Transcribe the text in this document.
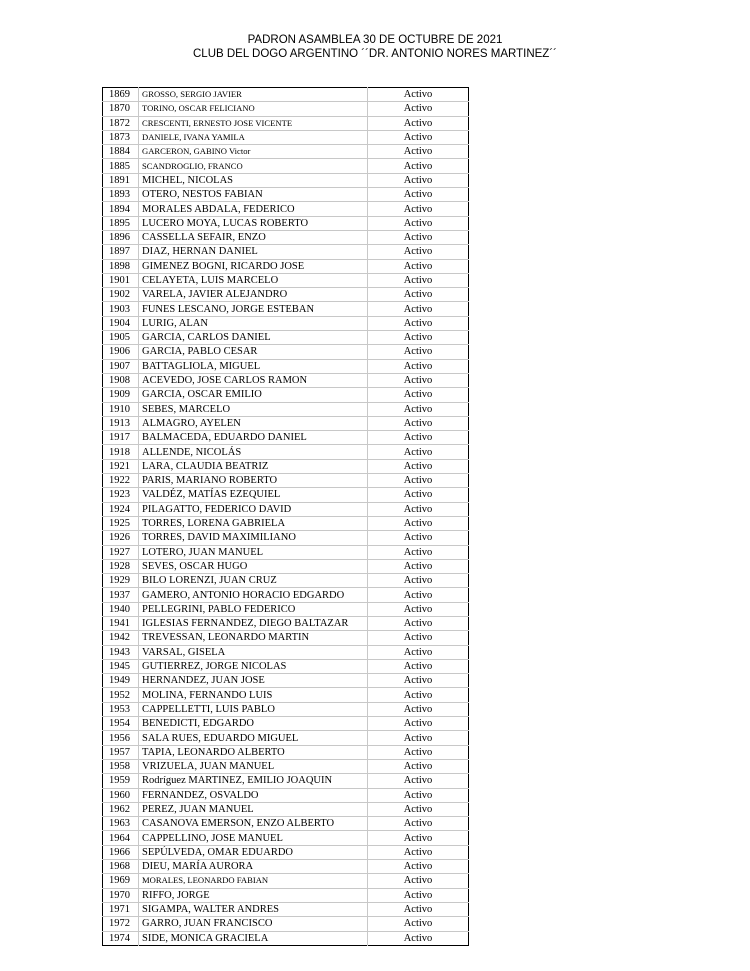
PADRON ASAMBLEA 30 DE OCTUBRE DE 2021
CLUB DEL DOGO ARGENTINO ´´DR. ANTONIO NORES MARTINEZ´´
1869	GROSSO, SERGIO JAVIER	Activo
1870	TORINO, OSCAR FELICIANO	Activo
1872	CRESCENTI, ERNESTO JOSE VICENTE	Activo
1873	DANIELE, IVANA YAMILA	Activo
1884	GARCERON, GABINO Victor	Activo
1885	SCANDROGLIO, FRANCO	Activo
1891	MICHEL, NICOLAS	Activo
1893	OTERO, NESTOS FABIAN	Activo
1894	MORALES ABDALA, FEDERICO	Activo
1895	LUCERO MOYA, LUCAS ROBERTO	Activo
1896	CASSELLA SEFAIR, ENZO	Activo
1897	DIAZ, HERNAN DANIEL	Activo
1898	GIMENEZ BOGNI, RICARDO JOSE	Activo
1901	CELAYETA, LUIS MARCELO	Activo
1902	VARELA, JAVIER ALEJANDRO	Activo
1903	FUNES LESCANO, JORGE ESTEBAN	Activo
1904	LURIG, ALAN	Activo
1905	GARCIA, CARLOS DANIEL	Activo
1906	GARCIA, PABLO CESAR	Activo
1907	BATTAGLIOLA, MIGUEL	Activo
1908	ACEVEDO, JOSE CARLOS RAMON	Activo
1909	GARCIA, OSCAR EMILIO	Activo
1910	SEBES, MARCELO	Activo
1913	ALMAGRO, AYELEN	Activo
1917	BALMACEDA, EDUARDO DANIEL	Activo
1918	ALLENDE, NICOLÁS	Activo
1921	LARA, CLAUDIA BEATRIZ	Activo
1922	PARIS, MARIANO ROBERTO	Activo
1923	VALDÉZ, MATÍAS EZEQUIEL	Activo
1924	PILAGATTO, FEDERICO DAVID	Activo
1925	TORRES, LORENA GABRIELA	Activo
1926	TORRES, DAVID MAXIMILIANO	Activo
1927	LOTERO, JUAN MANUEL	Activo
1928	SEVES, OSCAR HUGO	Activo
1929	BILO LORENZI, JUAN CRUZ	Activo
1937	GAMERO, ANTONIO HORACIO EDGARDO	Activo
1940	PELLEGRINI, PABLO FEDERICO	Activo
1941	IGLESIAS FERNANDEZ, DIEGO BALTAZAR	Activo
1942	TREVESSAN, LEONARDO MARTIN	Activo
1943	VARSAL, GISELA	Activo
1945	GUTIERREZ, JORGE NICOLAS	Activo
1949	HERNANDEZ, JUAN JOSE	Activo
1952	MOLINA, FERNANDO LUIS	Activo
1953	CAPPELLETTI, LUIS PABLO	Activo
1954	BENEDICTI, EDGARDO	Activo
1956	SALA RUES, EDUARDO MIGUEL	Activo
1957	TAPIA, LEONARDO ALBERTO	Activo
1958	VRIZUELA, JUAN MANUEL	Activo
1959	Rodríguez MARTINEZ, EMILIO JOAQUIN	Activo
1960	FERNANDEZ, OSVALDO	Activo
1962	PEREZ, JUAN MANUEL	Activo
1963	CASANOVA EMERSON, ENZO ALBERTO	Activo
1964	CAPPELLINO, JOSE MANUEL	Activo
1966	SEPÚLVEDA, OMAR EDUARDO	Activo
1968	DIEU, MARÍA AURORA	Activo
1969	MORALES, LEONARDO FABIAN	Activo
1970	RIFFO, JORGE	Activo
1971	SIGAMPA, WALTER ANDRES	Activo
1972	GARRO, JUAN FRANCISCO	Activo
1974	SIDE, MONICA GRACIELA	Activo
